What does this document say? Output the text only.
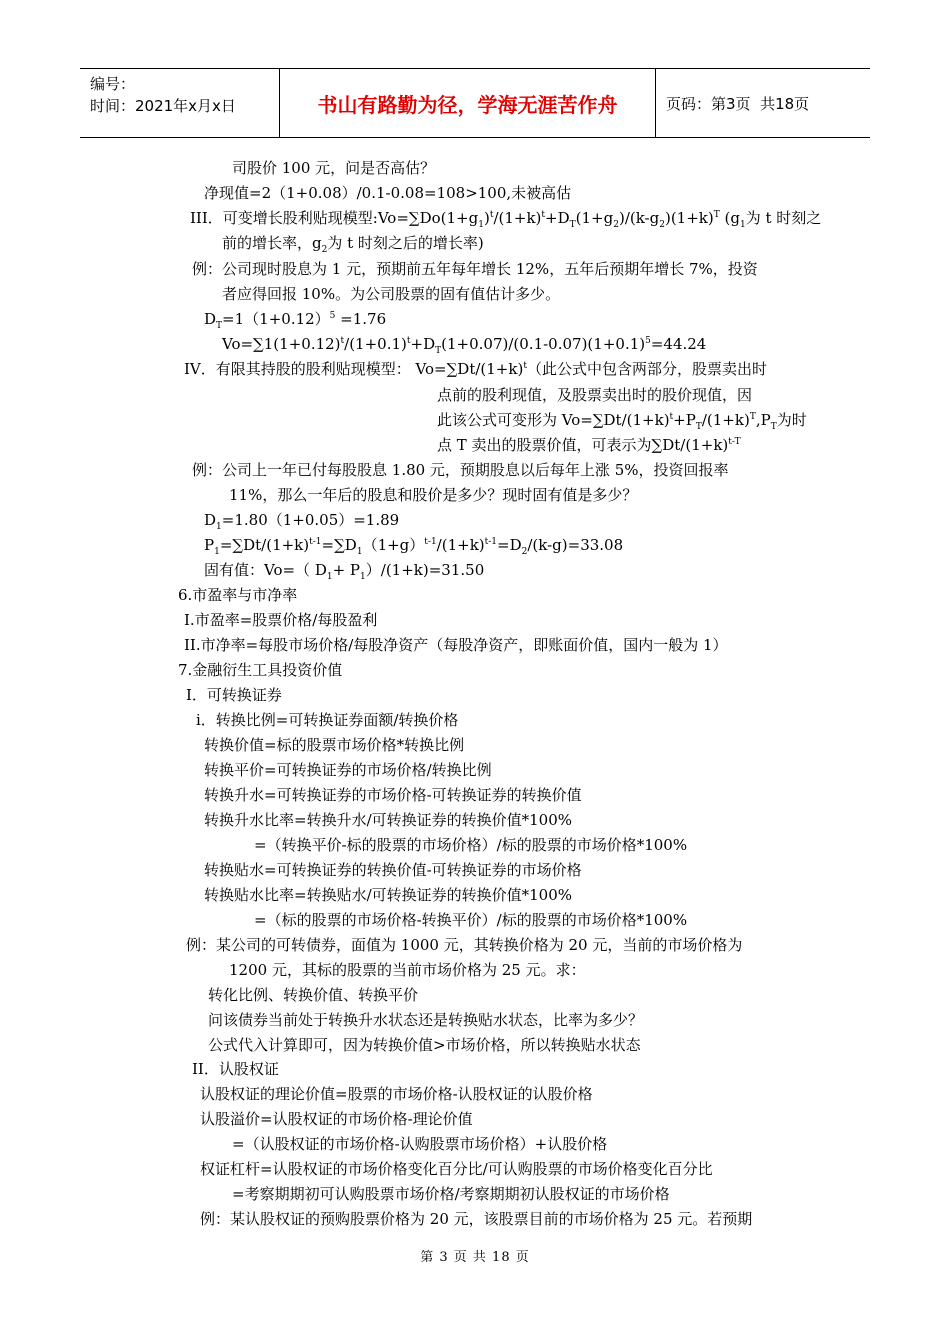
编号：
时间：2021年x月x日	书山有路勤为径，学海无涯苦作舟	页码：第3页  共18页
司股价 100 元，问是否高估？
净现值=2（1+0.08）/0.1-0.08=108>100,未被高估
III．可变增长股利贴现模型$:Vo=\sum Do(1+g_1)^t/(1+k)^t+D_T(1+g_2)/(k-g_2)(1+k)^T$ ($g_1$为 t 时刻之
前的增长率，$g_2$为 t 时刻之后的增长率)
例：公司现时股息为 1 元，预期前五年每年增长 12%，五年后预期年增长 7%，投资
者应得回报 10%。为公司股票的固有值估计多少。
$D_T=1(1+0.12)^5 =1.76$
$Vo=\sum 1(1+0.12)^t/(1+0.1)^t+D_T(1+0.07)/(0.1-0.07)(1+0.1)^5=44.24$
IV．有限其持股的股利贴现模型： $Vo=\sum Dt/(1+k)^t$（此公式中包含两部分，股票卖出时
点前的股利现值，及股票卖出时的股价现值，因
此该公式可变形为 $Vo=\sum Dt/(1+k)^t+P_T/(1+k)^T,P_T$为时
点 T 卖出的股票价值，可表示为$\sum Dt/(1+k)^{t-T}$
例：公司上一年已付每股股息 1.80 元，预期股息以后每年上涨 5%，投资回报率
11%，那么一年后的股息和股价是多少？现时固有值是多少？
$D_1=1.80(1+0.05)=1.89$
$P_1=\sum Dt/(1+k)^{t-1}=\sum D_1(1+g)^{t-1}/(1+k)^{t-1}=D_2/(k-g)=33.08$
固有值：Vo=（ $D_1+ P_1)/(1+k)=31.50$
6.市盈率与市净率
I.市盈率=股票价格/每股盈利
II.市净率=每股市场价格/每股净资产（每股净资产，即账面价值，国内一般为 1）
7.金融衍生工具投资价值
I．可转换证券
i．转换比例=可转换证券面额/转换价格
转换价值=标的股票市场价格*转换比例
转换平价=可转换证券的市场价格/转换比例
转换升水=可转换证券的市场价格-可转换证券的转换价值
转换升水比率=转换升水/可转换证券的转换价值*100%
=（转换平价-标的股票的市场价格）/标的股票的市场价格*100%
转换贴水=可转换证券的转换价值-可转换证券的市场价格
转换贴水比率=转换贴水/可转换证券的转换价值*100%
=（标的股票的市场价格-转换平价）/标的股票的市场价格*100%
例：某公司的可转债券，面值为 1000 元，其转换价格为 20 元，当前的市场价格为
1200 元，其标的股票的当前市场价格为 25 元。求：
转化比例、转换价值、转换平价
问该债券当前处于转换升水状态还是转换贴水状态，比率为多少？
公式代入计算即可，因为转换价值>市场价格，所以转换贴水状态
II．认股权证
认股权证的理论价值=股票的市场价格-认股权证的认股价格
认股溢价=认股权证的市场价格-理论价值
=（认股权证的市场价格-认购股票市场价格）+认股价格
权证杠杆=认股权证的市场价格变化百分比/可认购股票的市场价格变化百分比
=考察期期初可认购股票市场价格/考察期期初认股权证的市场价格
例：某认股权证的预购股票价格为 20 元，该股票目前的市场价格为 25 元。若预期
第 3 页 共 18 页
